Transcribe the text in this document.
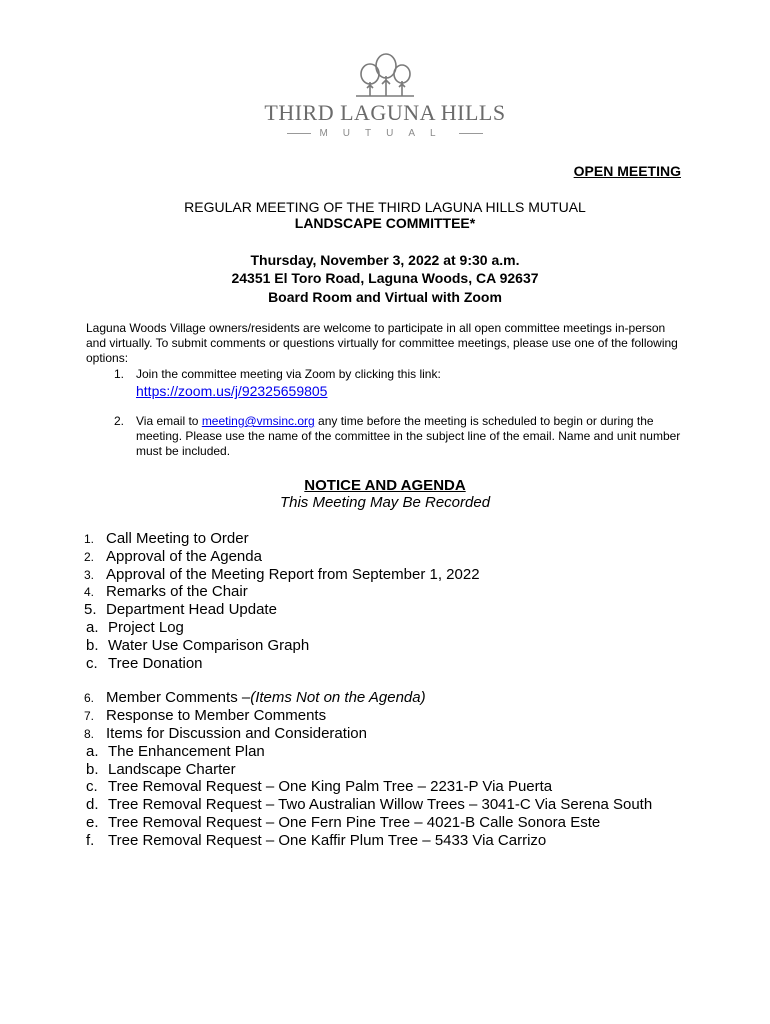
THIRD LAGUNA HILLS
MUTUAL
OPEN MEETING
REGULAR MEETING OF THE THIRD LAGUNA HILLS MUTUAL
LANDSCAPE COMMITTEE*
Thursday, November 3, 2022 at 9:30 a.m.
24351 El Toro Road, Laguna Woods, CA 92637
Board Room and Virtual with Zoom
Laguna Woods Village owners/residents are welcome to participate in all open committee meetings in-person and virtually. To submit comments or questions virtually for committee meetings, please use one of the following options:
1. Join the committee meeting via Zoom by clicking this link:
https://zoom.us/j/92325659805
2. Via email to meeting@vmsinc.org any time before the meeting is scheduled to begin or during the meeting. Please use the name of the committee in the subject line of the email. Name and unit number must be included.
NOTICE AND AGENDA
This Meeting May Be Recorded
1. Call Meeting to Order
2. Approval of the Agenda
3. Approval of the Meeting Report from September 1, 2022
4. Remarks of the Chair
5. Department Head Update
a. Project Log
b. Water Use Comparison Graph
c. Tree Donation
6. Member Comments –(Items Not on the Agenda)
7. Response to Member Comments
8. Items for Discussion and Consideration
a. The Enhancement Plan
b. Landscape Charter
c. Tree Removal Request – One King Palm Tree – 2231-P Via Puerta
d. Tree Removal Request – Two Australian Willow Trees – 3041-C Via Serena South
e. Tree Removal Request – One Fern Pine Tree – 4021-B Calle Sonora Este
f. Tree Removal Request – One Kaffir Plum Tree – 5433 Via Carrizo
